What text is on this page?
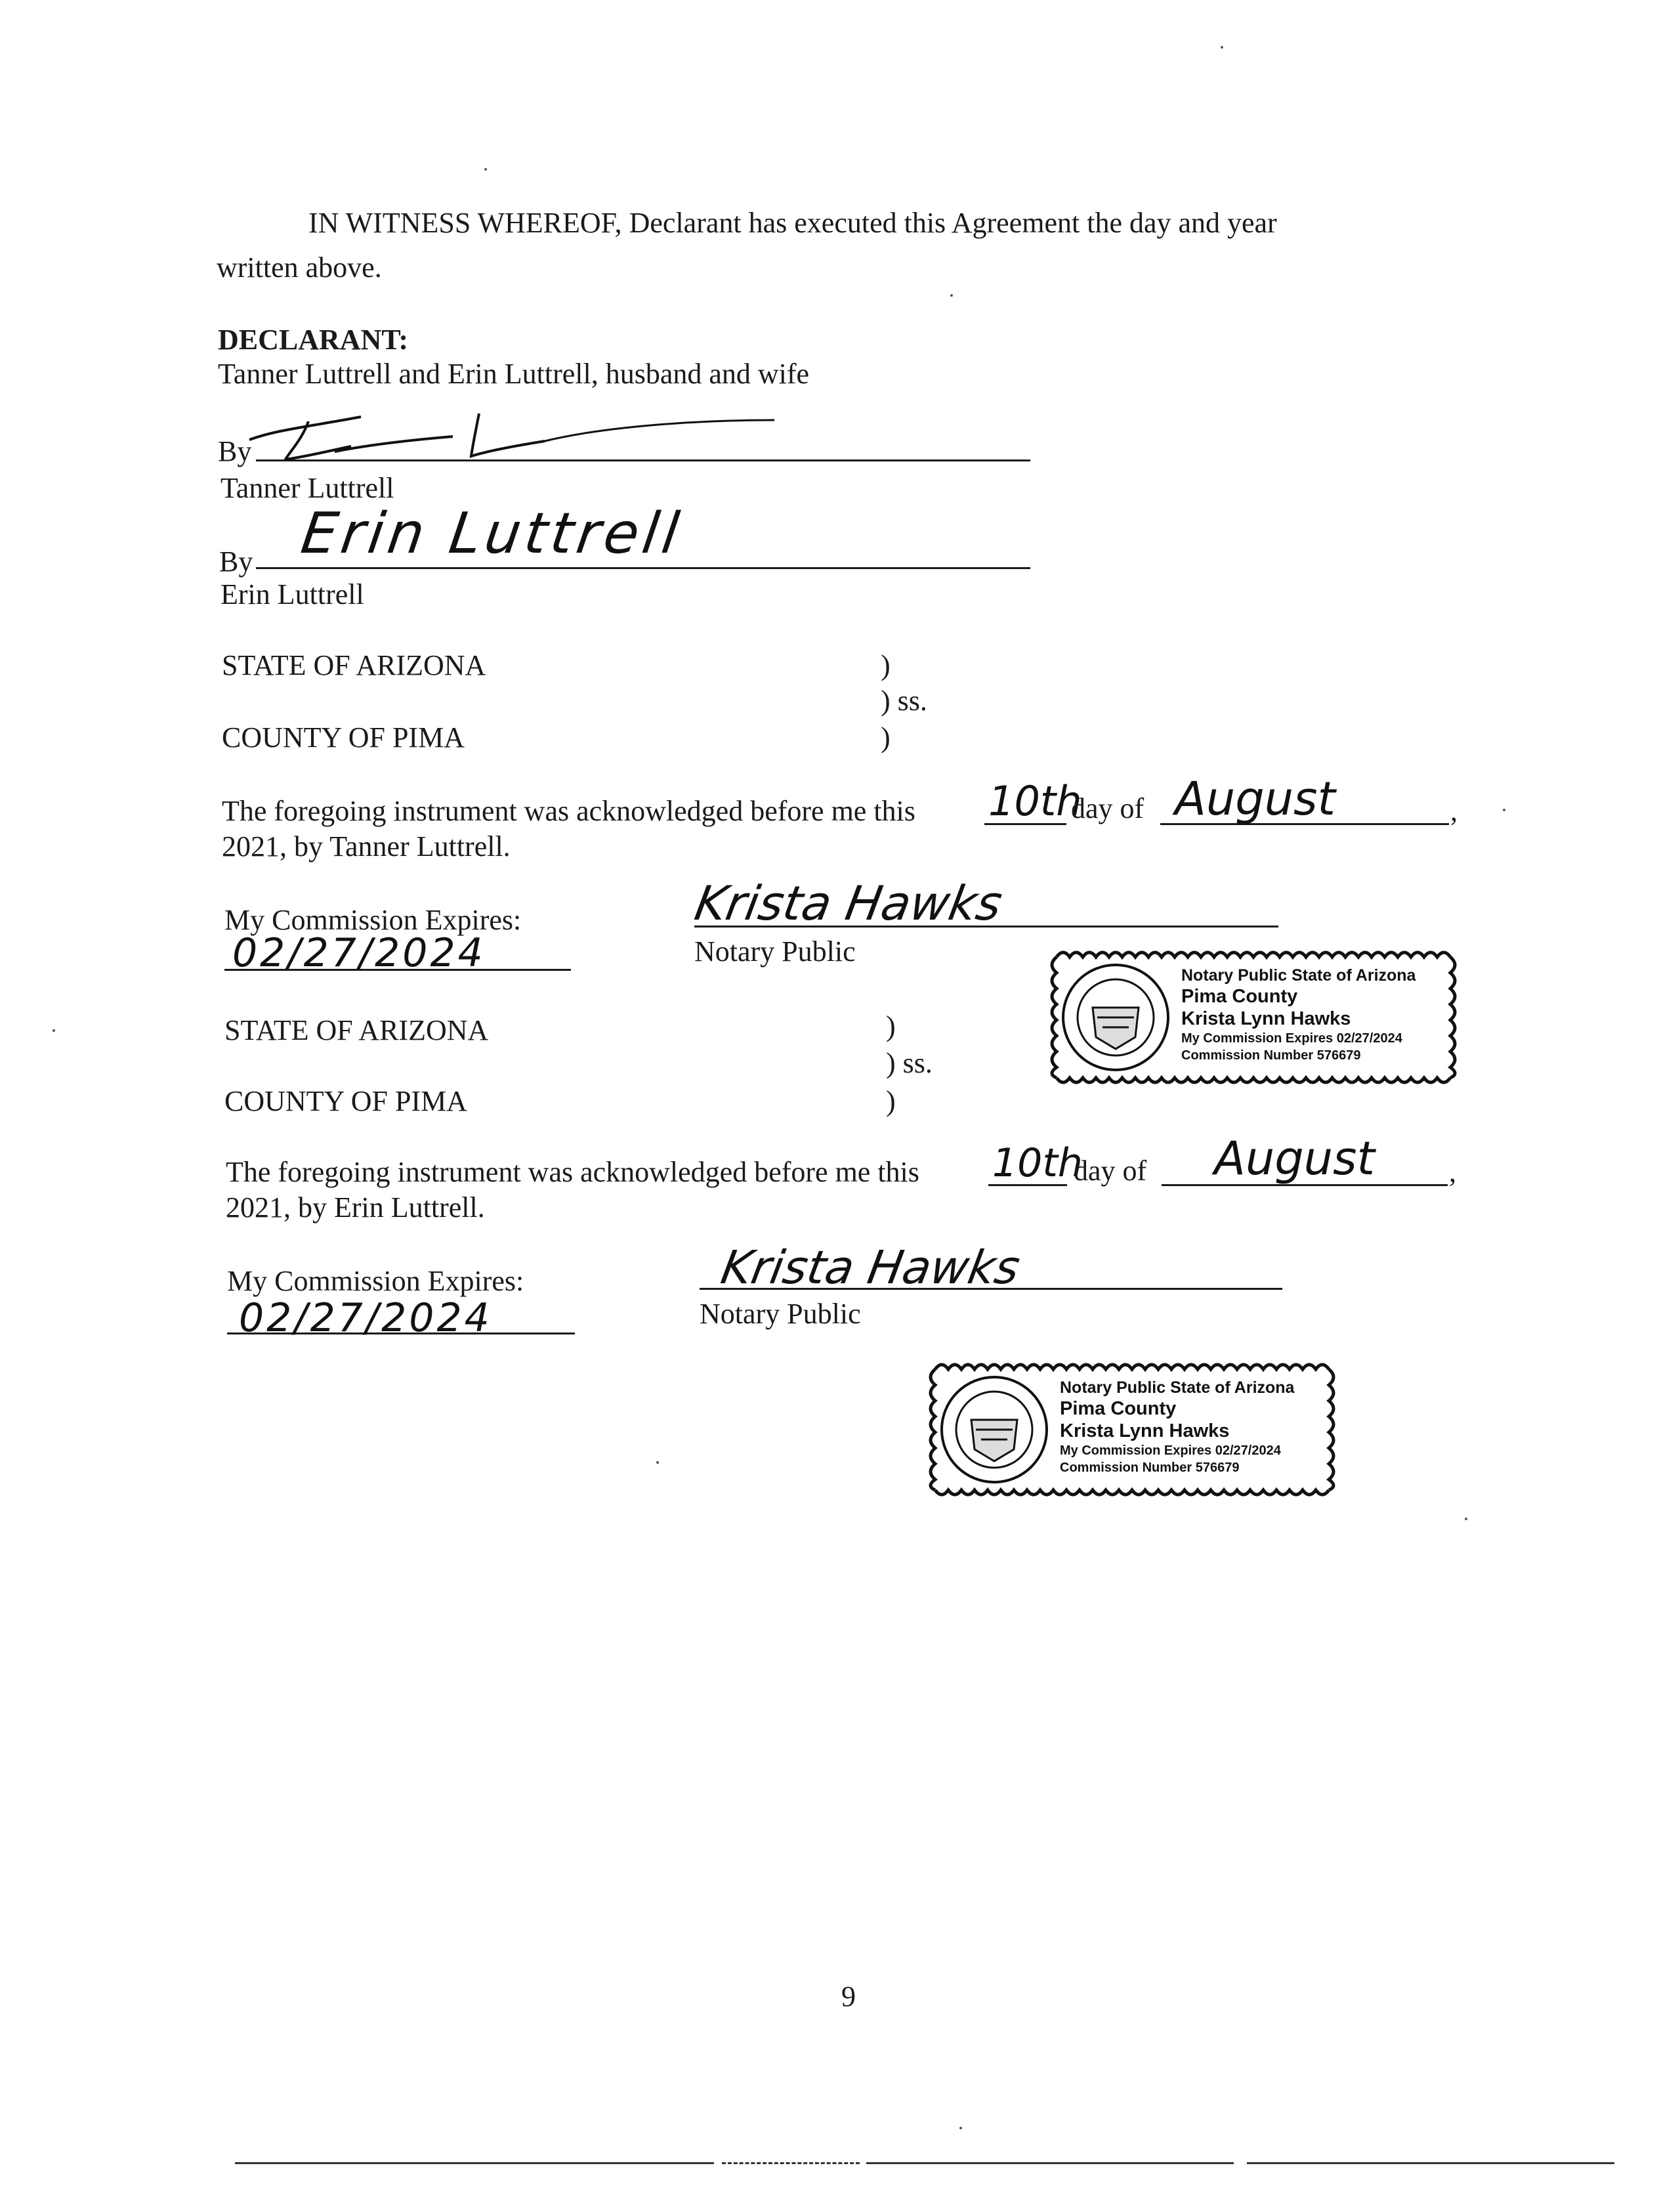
IN WITNESS WHEREOF, Declarant has executed this Agreement the day and year
written above.
DECLARANT:
Tanner Luttrell and Erin Luttrell, husband and wife
By
Tanner Luttrell
By Erin Luttrell
Erin Luttrell
STATE OF ARIZONA	)
) ss.
COUNTY OF PIMA	)
The foregoing instrument was acknowledged before me this 10th
day of August	,
2021, by Tanner Luttrell.
My Commission Expires:
02/27/2024
Krista Hawks
Notary Public
Notary Public State of Arizona
Pima County
Krista Lynn Hawks
My Commission Expires 02/27/2024
Commission Number 576679
STATE OF ARIZONA	)
) ss.
COUNTY OF PIMA	)
The foregoing instrument was acknowledged before me this 10th
day of August	,
2021, by Erin Luttrell.
My Commission Expires:
02/27/2024
Krista Hawks
Notary Public
Notary Public State of Arizona
Pima County
Krista Lynn Hawks
My Commission Expires 02/27/2024
Commission Number 576679
9
